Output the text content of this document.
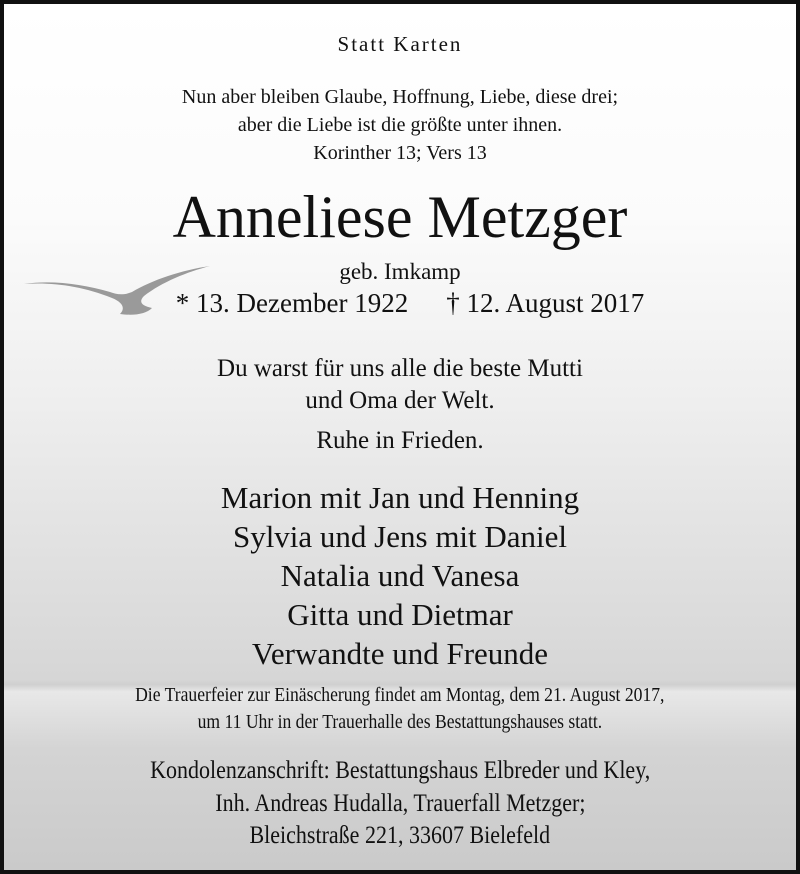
Statt Karten
Nun aber bleiben Glaube, Hoffnung, Liebe, diese drei;
aber die Liebe ist die größte unter ihnen.
Korinther 13; Vers 13
Anneliese Metzger
geb. Imkamp
* 13. Dezember 1922 † 12. August 2017
Du warst für uns alle die beste Mutti
und Oma der Welt.
Ruhe in Frieden.
Marion mit Jan und Henning
Sylvia und Jens mit Daniel
Natalia und Vanesa
Gitta und Dietmar
Verwandte und Freunde
Die Trauerfeier zur Einäscherung findet am Montag, dem 21. August 2017,
um 11 Uhr in der Trauerhalle des Bestattungshauses statt.
Kondolenzanschrift: Bestattungshaus Elbreder und Kley,
Inh. Andreas Hudalla, Trauerfall Metzger;
Bleichstraße 221, 33607 Bielefeld
